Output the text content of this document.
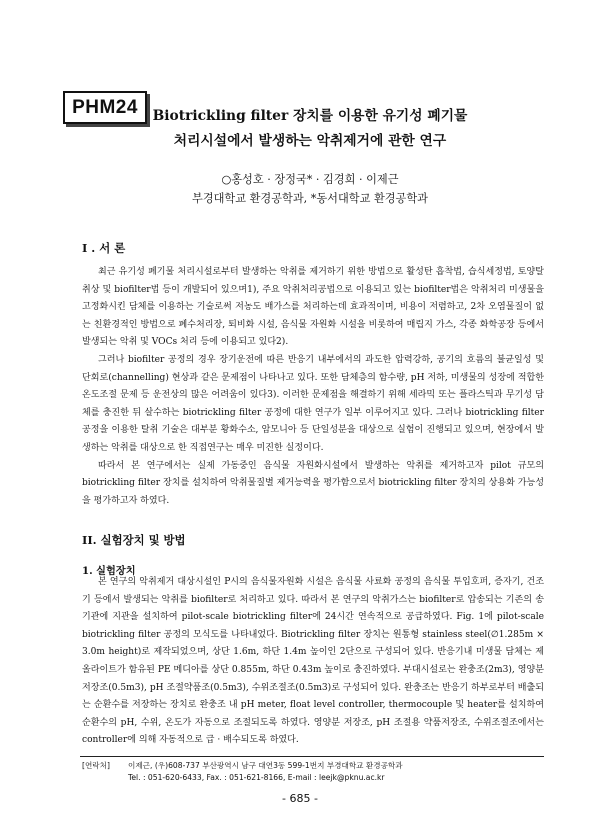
PHM24	Biotrickling filter 장치를 이용한 유기성 폐기물
처리시설에서 발생하는 악취제거에 관한 연구
○홍성호 · 장정국* · 김경희 · 이제근
부경대학교 환경공학과, *동서대학교 환경공학과
I . 서 론

최근 유기성 폐기물 처리시설로부터 발생하는 악취를 제거하기 위한 방법으로 활성탄 흡착법, 습식세정법, 토양탈취상 및 biofilter법 등이 개발되어 있으며1), 주요 악취처리공법으로 이용되고 있는 biofilter법은 악취처리 미생물을 고정화시킨 담체를 이용하는 기술로써 저농도 배가스를 처리하는데 효과적이며, 비용이 저렴하고, 2차 오염물질이 없는 친환경적인 방법으로 폐수처리장, 퇴비화 시설, 음식물 자원화 시설을 비롯하여 매립지 가스, 각종 화학공장 등에서 발생되는 악취 및 VOCs 처리 등에 이용되고 있다2).

그러나 biofilter 공정의 경우 장기운전에 따른 반응기 내부에서의 과도한 압력강하, 공기의 흐름의 불균일성 및 단회로(channelling) 현상과 같은 문제점이 나타나고 있다. 또한 담체층의 함수량, pH 저하, 미생물의 성장에 적합한 온도조절 문제 등 운전상의 많은 어려움이 있다3). 이러한 문제점을 해결하기 위해 세라믹 또는 플라스틱과 무기성 담체를 충진한 뒤 살수하는 biotrickling filter 공정에 대한 연구가 일부 이루어지고 있다. 그러나 biotrickling filter 공정을 이용한 탈취 기술은 대부분 황화수소, 암모니아 등 단일성분을 대상으로 실험이 진행되고 있으며, 현장에서 발생하는 악취를 대상으로 한 직접연구는 매우 미진한 실정이다.

따라서 본 연구에서는 실제 가동중인 음식물 자원화시설에서 발생하는 악취를 제거하고자 pilot 규모의 biotrickling filter 장치를 설치하여 악취물질별 제거능력을 평가함으로서 biotrickling filter 장치의 상용화 가능성을 평가하고자 하였다.

II. 실험장치 및 방법
1. 실험장치

본 연구의 악취제거 대상시설인 P시의 음식물자원화 시설은 음식물 사료화 공정의 음식물 투입호퍼, 증자기, 건조기 등에서 발생되는 악취를 biofilter로 처리하고 있다. 따라서 본 연구의 악취가스는 biofilter로 압송되는 기존의 송기관에 지관을 설치하여 pilot-scale biotrickling filter에 24시간 연속적으로 공급하였다. Fig. 1에 pilot-scale biotrickling filter 공정의 모식도를 나타내었다. Biotrickling filter 장치는 원통형 stainless steel(∅1.285m × 3.0m height)로 제작되었으며, 상단 1.6m, 하단 1.4m 높이인 2단으로 구성되어 있다. 반응기내 미생물 담체는 제올라이트가 함유된 PE 메디아를 상단 0.855m, 하단 0.43m 높이로 충진하였다. 부대시설로는 완충조(2m3), 영양분 저장조(0.5m3), pH 조절약품조(0.5m3), 수위조절조(0.5m3)로 구성되어 있다. 완충조는 반응기 하부로부터 배출되는 순환수를 저장하는 장치로 완충조 내 pH meter, float level controller, thermocouple 및 heater를 설치하여 순환수의 pH, 수위, 온도가 자동으로 조절되도록 하였다. 영양분 저장조, pH 조절용 약품저장조, 수위조절조에서는 controller에 의해 자동적으로 급 · 배수되도록 하였다.

[연락처] 이제근, (우)608-737 부산광역시 남구 대연3동 599-1번지 부경대학교 환경공학과
Tel. : 051-620-6433, Fax. : 051-621-8166, E-mail : leejk@pknu.ac.kr
- 685 -
